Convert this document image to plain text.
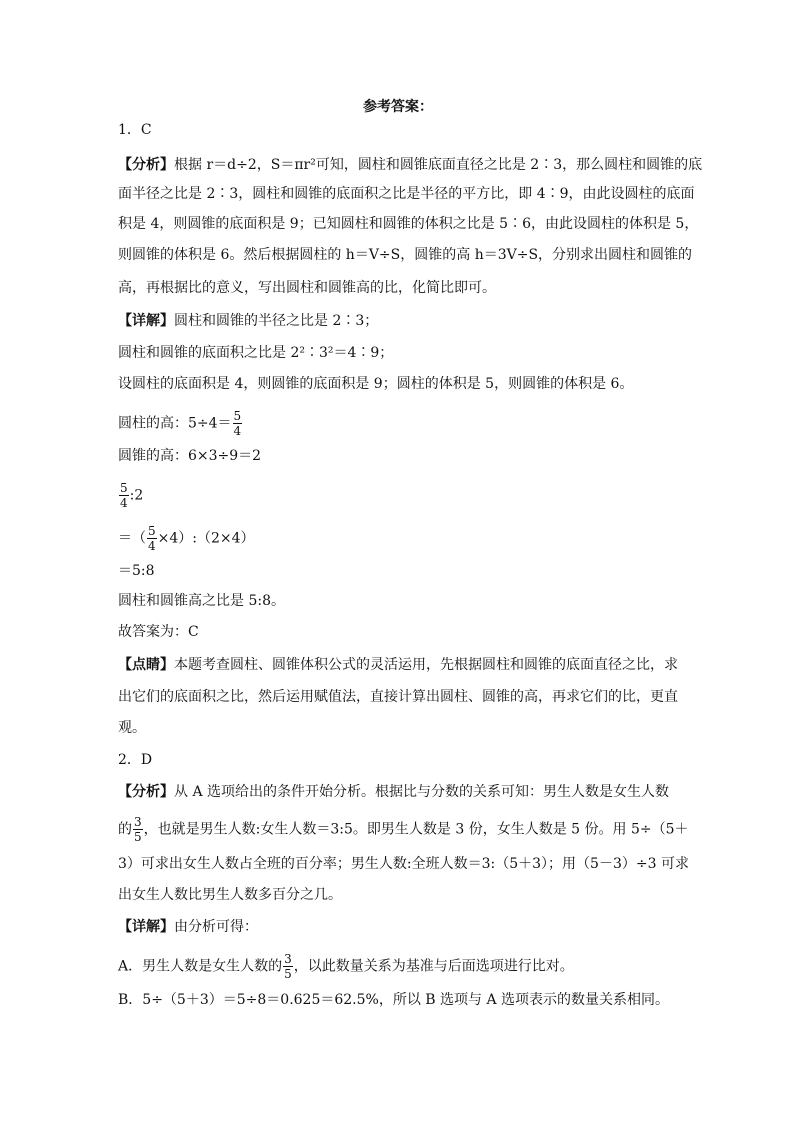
参考答案：
1．C
【分析】根据 r＝d÷2，S＝πr²可知，圆柱和圆锥底面直径之比是 2∶3，那么圆柱和圆锥的底
面半径之比是 2∶3，圆柱和圆锥的底面积之比是半径的平方比，即 4∶9，由此设圆柱的底面
积是 4，则圆锥的底面积是 9；已知圆柱和圆锥的体积之比是 5∶6，由此设圆柱的体积是 5，
则圆锥的体积是 6。然后根据圆柱的 h＝V÷S，圆锥的高 h＝3V÷S，分别求出圆柱和圆锥的
高，再根据比的意义，写出圆柱和圆锥高的比，化简比即可。
【详解】圆柱和圆锥的半径之比是 2∶3；
圆柱和圆锥的底面积之比是 2²∶3²＝4∶9；
设圆柱的底面积是 4，则圆锥的底面积是 9；圆柱的体积是 5，则圆锥的体积是 6。
圆柱的高：$5\div 4= \frac{5}{4}$
圆锥的高：6×3÷9＝2
$\frac{5}{4}$ :2
＝（ $\frac{5}{4}$ ×4）:（2×4）
＝5:8
圆柱和圆锥高之比是 5:8。
故答案为：C
【点睛】本题考查圆柱、圆锥体积公式的灵活运用，先根据圆柱和圆锥的底面直径之比，求
出它们的底面积之比，然后运用赋值法，直接计算出圆柱、圆锥的高，再求它们的比，更直
观。
2．D
【分析】从 A 选项给出的条件开始分析。根据比与分数的关系可知：男生人数是女生人数
的 $\frac{3}{5}$ ，也就是男生人数:女生人数＝3:5。即男生人数是 3 份，女生人数是 5 份。用 5÷（5＋
3）可求出女生人数占全班的百分率；男生人数:全班人数＝3:（5＋3）；用（5－3）÷3 可求
出女生人数比男生人数多百分之几。
【详解】由分析可得：
A．男生人数是女生人数的 $\frac{3}{5}$ ，以此数量关系为基准与后面选项进行比对。
B．5÷（5＋3）＝5÷8＝0.625＝62.5%，所以 B 选项与 A 选项表示的数量关系相同。
